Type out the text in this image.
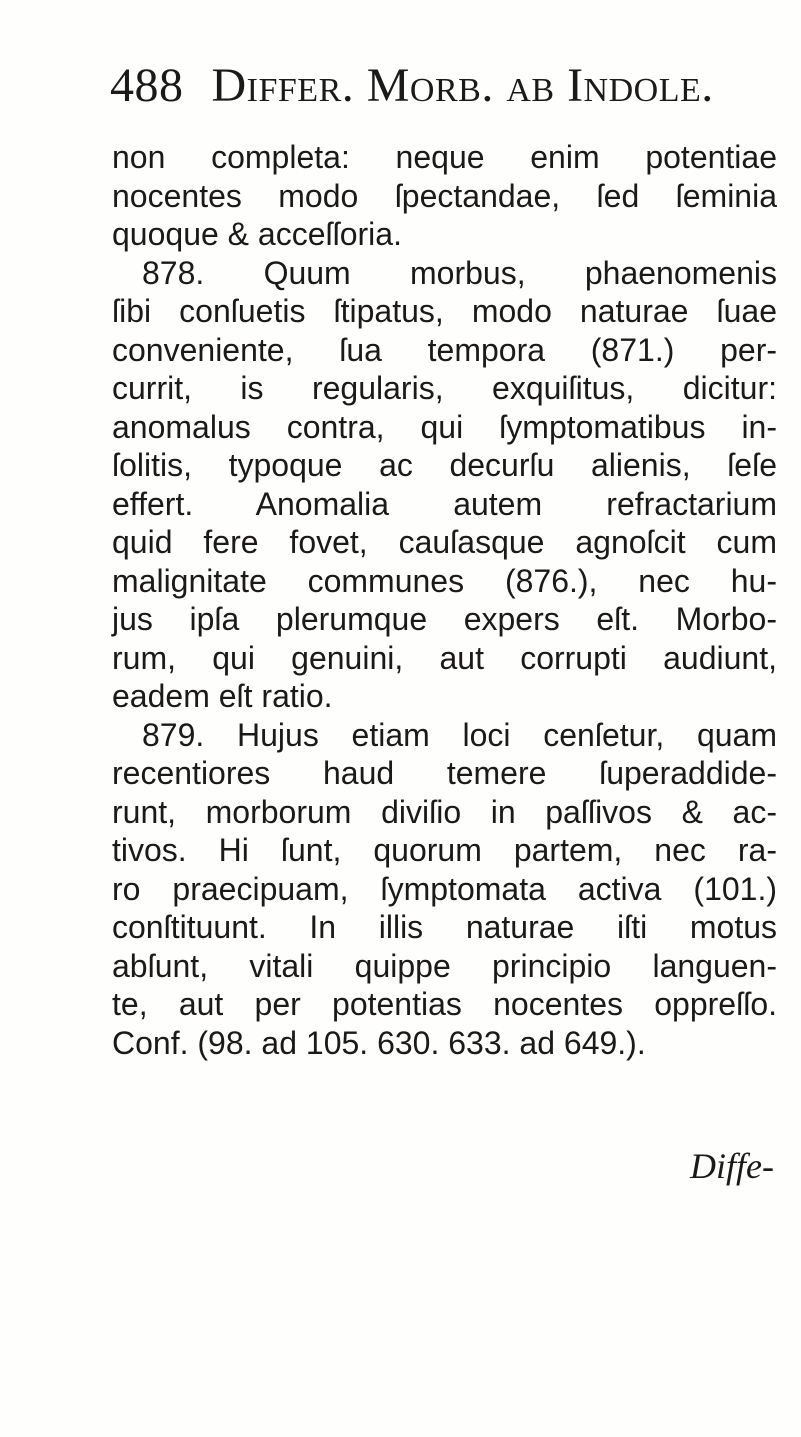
488 Differ. Morb. ab Indole.
non completa: neque enim potentiae
nocentes modo ſpectandae, ſed ſeminia
quoque & acceſſoria.
878. Quum morbus, phaenomenis
ſibi conſuetis ſtipatus, modo naturae ſuae
conveniente, ſua tempora (871.) per-
currit, is regularis, exquiſitus, dicitur:
anomalus contra, qui ſymptomatibus in-
ſolitis, typoque ac decurſu alienis, ſeſe
effert. Anomalia autem refractarium
quid fere fovet, cauſasque agnoſcit cum
malignitate communes (876.), nec hu-
jus ipſa plerumque expers eſt. Morbo-
rum, qui genuini, aut corrupti audiunt,
eadem eſt ratio.
879. Hujus etiam loci cenſetur, quam
recentiores haud temere ſuperaddide-
runt, morborum diviſio in paſſivos & ac-
tivos. Hi ſunt, quorum partem, nec ra-
ro praecipuam, ſymptomata activa (101.)
conſtituunt. In illis naturae iſti motus
abſunt, vitali quippe principio languen-
te, aut per potentias nocentes oppreſſo.
Conf. (98. ad 105. 630. 633. ad 649.).
Diffe-
